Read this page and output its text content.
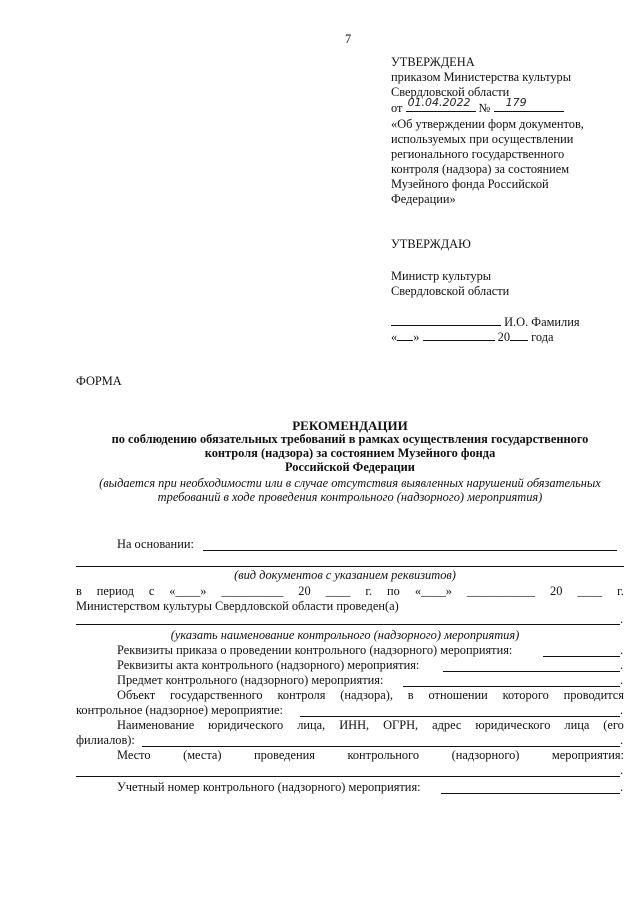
7
УТВЕРЖДЕНА
приказом Министерства культуры
Свердловской области
от 01.04.2022 № 179
«Об утверждении форм документов,
используемых при осуществлении
регионального государственного
контроля (надзора) за состоянием
Музейного фонда Российской
Федерации»
УТВЕРЖДАЮ
Министр культуры
Свердловской области
И.О. Фамилия
« »	20 года
ФОРМА
РЕКОМЕНДАЦИИ
по соблюдению обязательных требований в рамках осуществления государственного
контроля (надзора) за состоянием Музейного фонда
Российской Федерации
(выдается при необходимости или в случае отсутствия выявленных нарушений обязательных
требований в ходе проведения контрольного (надзорного) мероприятия)
На основании:
(вид документов с указанием реквизитов)
в период с «____» __________ 20 ____ г. по «____» ___________ 20 ____ г.
Министерством культуры Свердловской области проведен(а)
.
(указать наименование контрольного (надзорного) мероприятия)
Реквизиты приказа о проведении контрольного (надзорного) мероприятия:	.
Реквизиты акта контрольного (надзорного) мероприятия:	.
Предмет контрольного (надзорного) мероприятия:	.
Объект государственного контроля (надзора), в отношении которого проводится
контрольное (надзорное) мероприятие:	.
Наименование юридического лица, ИНН, ОГРН, адрес юридического лица (его
филиалов):	.
Место	(места)	проведения	контрольного	(надзорного)	мероприятия:
.
Учетный номер контрольного (надзорного) мероприятия:	.
